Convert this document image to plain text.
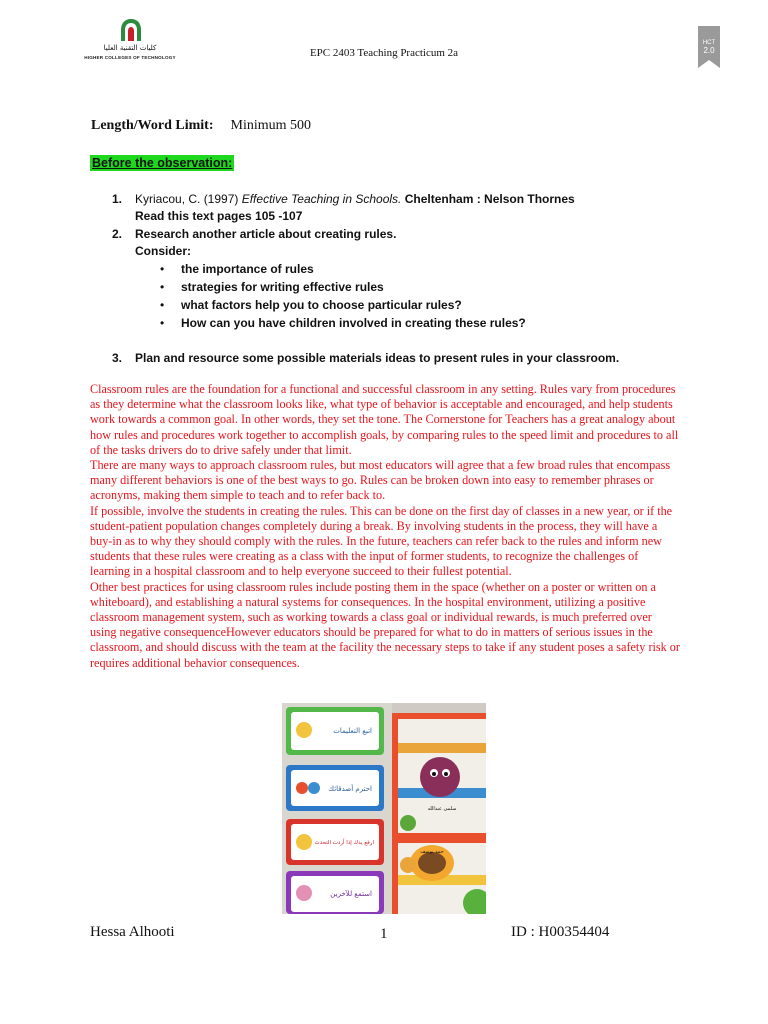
كليات التقنية العليا
HIGHER COLLEGES OF TECHNOLOGY	EPC 2403 Teaching Practicum 2a
HCT
2.0
Length/Word Limit: Minimum 500
Before the observation:
1. Kyriacou, C. (1997) Effective Teaching in Schools. Cheltenham : Nelson Thornes
Read this text pages 105 -107
2. Research another article about creating rules.
Consider:
3. Plan and resource some possible materials ideas to present rules in your classroom.
• the importance of rules
• strategies for writing effective rules
• what factors help you to choose particular rules?
• How can you have children involved in creating these rules?

Classroom rules are the foundation for a functional and successful classroom in any setting. Rules vary from procedures as they determine what the classroom looks like, what type of behavior is acceptable and encouraged, and help students work towards a common goal. In other words, they set the tone. The Cornerstone for Teachers has a great analogy about how rules and procedures work together to accomplish goals, by comparing rules to the speed limit and procedures to all of the tasks drivers do to drive safely under that limit.

There are many ways to approach classroom rules, but most educators will agree that a few broad rules that encompass many different behaviors is one of the best ways to go. Rules can be broken down into easy to remember phrases or acronyms, making them simple to teach and to refer back to.

If possible, involve the students in creating the rules. This can be done on the first day of classes in a new year, or if the student-patient population changes completely during a break. By involving students in the process, they will have a buy-in as to why they should comply with the rules. In the future, teachers can refer back to the rules and inform new students that these rules were creating as a class with the input of former students, to recognize the challenges of learning in a hospital classroom and to help everyone succeed to their fullest potential.

Other best practices for using classroom rules include posting them in the space (whether on a poster or written on a whiteboard), and establishing a natural systems for consequences. In the hospital environment, utilizing a positive classroom management system, such as working towards a class goal or individual rewards, is much preferred over using negative consequenceHowever educators should be prepared for what to do in matters of serious issues in the classroom, and should discuss with the team at the facility the necessary steps to take if any student poses a safety risk or requires additional behavior consequences.

اتبع التعليمات
احترم أصدقائك
ارفع يدك إذا أردت التحدث
استمع للآخرين
سلمى عبدالله
حمد يوسف
Hessa Alhooti	1	ID : H00354404
